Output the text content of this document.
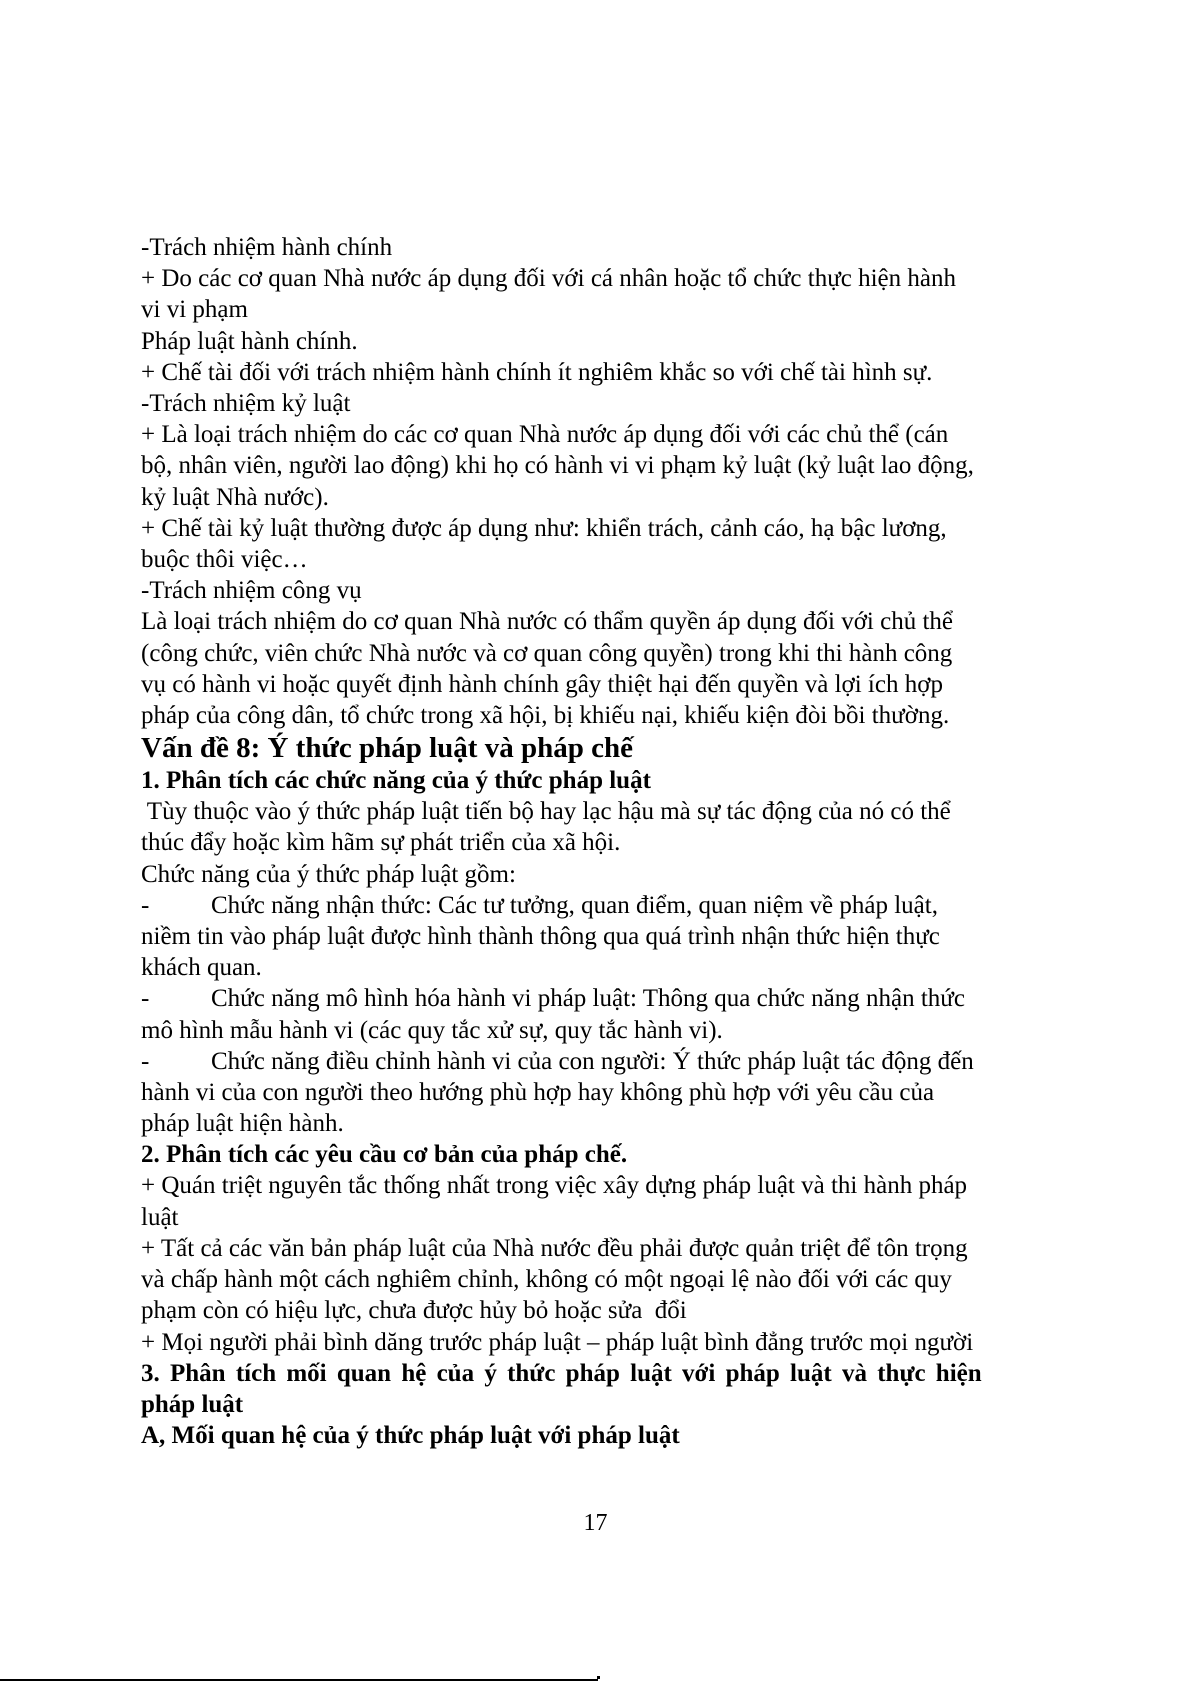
-Trách nhiệm hành chính
+ Do các cơ quan Nhà nước áp dụng đối với cá nhân hoặc tổ chức thực hiện hành
vi vi phạm
Pháp luật hành chính.
+ Chế tài đối với trách nhiệm hành chính ít nghiêm khắc so với chế tài hình sự.
-Trách nhiệm kỷ luật
+ Là loại trách nhiệm do các cơ quan Nhà nước áp dụng đối với các chủ thể (cán
bộ, nhân viên, người lao động) khi họ có hành vi vi phạm kỷ luật (kỷ luật lao động,
kỷ luật Nhà nước).
+ Chế tài kỷ luật thường được áp dụng như: khiển trách, cảnh cáo, hạ bậc lương,
buộc thôi việc…
-Trách nhiệm công vụ
Là loại trách nhiệm do cơ quan Nhà nước có thẩm quyền áp dụng đối với chủ thể
(công chức, viên chức Nhà nước và cơ quan công quyền) trong khi thi hành công
vụ có hành vi hoặc quyết định hành chính gây thiệt hại đến quyền và lợi ích hợp
pháp của công dân, tổ chức trong xã hội, bị khiếu nại, khiếu kiện đòi bồi thường.
Vấn đề 8: Ý thức pháp luật và pháp chế
1. Phân tích các chức năng của ý thức pháp luật
Tùy thuộc vào ý thức pháp luật tiến bộ hay lạc hậu mà sự tác động của nó có thể
thúc đẩy hoặc kìm hãm sự phát triển của xã hội.
Chức năng của ý thức pháp luật gồm:
-	Chức năng nhận thức: Các tư tưởng, quan điểm, quan niệm về pháp luật,
niềm tin vào pháp luật được hình thành thông qua quá trình nhận thức hiện thực
khách quan.
-	Chức năng mô hình hóa hành vi pháp luật: Thông qua chức năng nhận thức
mô hình mẫu hành vi (các quy tắc xử sự, quy tắc hành vi).
-	Chức năng điều chỉnh hành vi của con người: Ý thức pháp luật tác động đến
hành vi của con người theo hướng phù hợp hay không phù hợp với yêu cầu của
pháp luật hiện hành.
2. Phân tích các yêu cầu cơ bản của pháp chế.
+ Quán triệt nguyên tắc thống nhất trong việc xây dựng pháp luật và thi hành pháp
luật
+ Tất cả các văn bản pháp luật của Nhà nước đều phải được quản triệt để tôn trọng
và chấp hành một cách nghiêm chỉnh, không có một ngoại lệ nào đối với các quy
phạm còn có hiệu lực, chưa được hủy bỏ hoặc sửa  đổi
+ Mọi người phải bình dăng trước pháp luật – pháp luật bình đẳng trước mọi người
3. Phân tích mối quan hệ của ý thức pháp luật với pháp luật và thực hiện
pháp luật
A, Mối quan hệ của ý thức pháp luật với pháp luật
17
